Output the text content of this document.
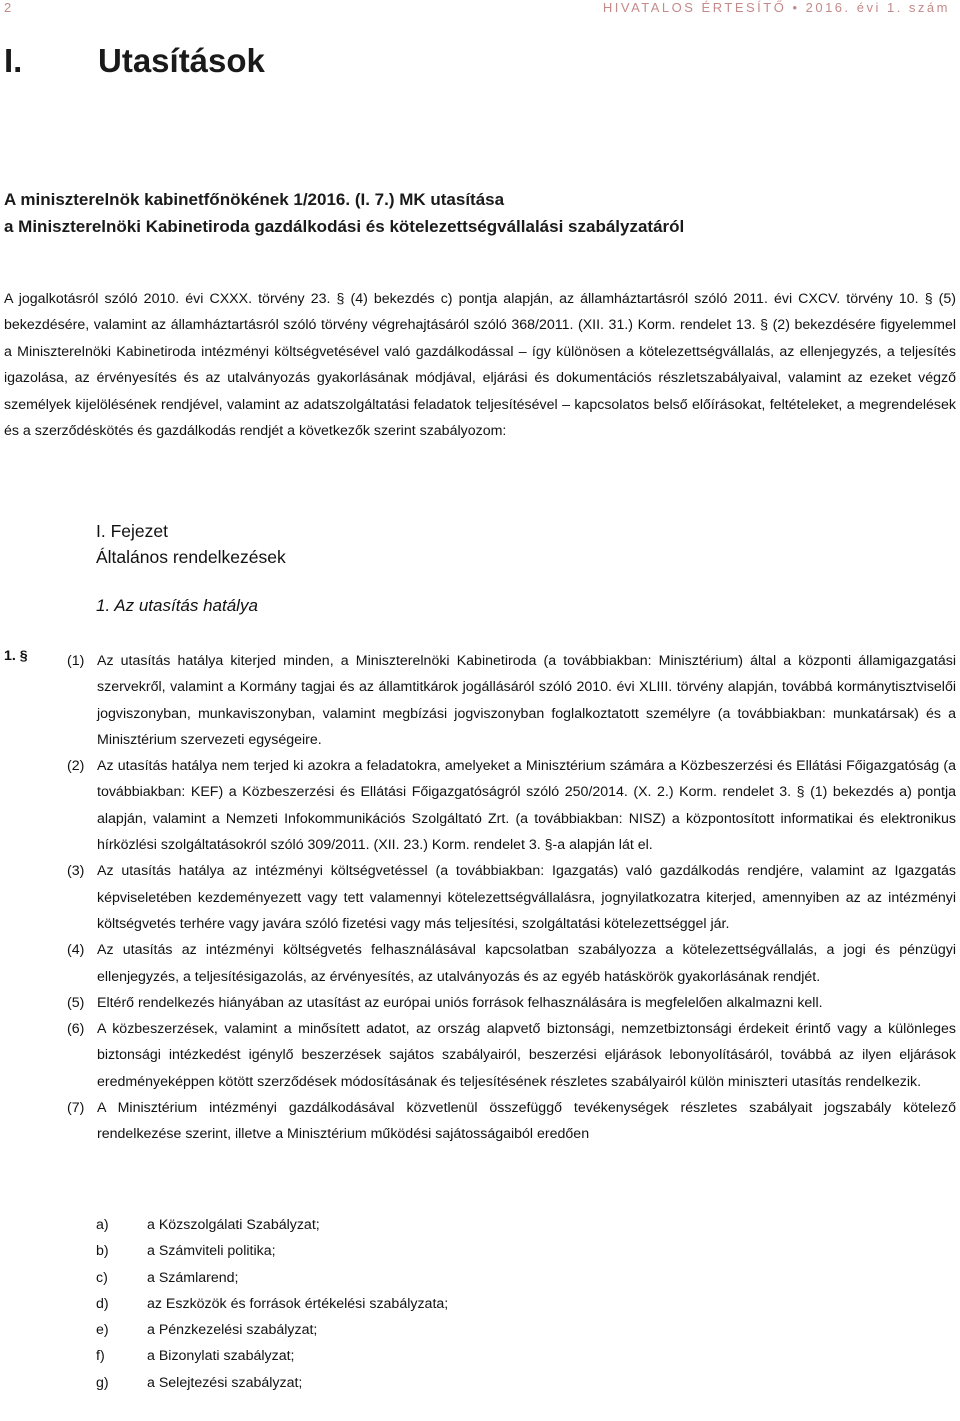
2	HIVATALOS ÉRTESÍTŐ • 2016. évi 1. szám
I. Utasítások
A miniszterelnök kabinetfőnökének 1/2016. (I. 7.) MK utasítása
a Miniszterelnöki Kabinetiroda gazdálkodási és kötelezettségvállalási szabályzatáról
A jogalkotásról szóló 2010. évi CXXX. törvény 23. § (4) bekezdés c) pontja alapján, az államháztartásról szóló 2011. évi CXCV. törvény 10. § (5) bekezdésére, valamint az államháztartásról szóló törvény végrehajtásáról szóló 368/2011. (XII. 31.) Korm. rendelet 13. § (2) bekezdésére figyelemmel a Miniszterelnöki Kabinetiroda intézményi költségvetésével való gazdálkodással – így különösen a kötelezettségvállalás, az ellenjegyzés, a teljesítés igazolása, az érvényesítés és az utalványozás gyakorlásának módjával, eljárási és dokumentációs részletszabályaival, valamint az ezeket végző személyek kijelölésének rendjével, valamint az adatszolgáltatási feladatok teljesítésével – kapcsolatos belső előírásokat, feltételeket, a megrendelések és a szerződéskötés és gazdálkodás rendjét a következők szerint szabályozom:
I. Fejezet
Általános rendelkezések
1. Az utasítás hatálya
1. §	(1) Az utasítás hatálya kiterjed minden, a Miniszterelnöki Kabinetiroda (a továbbiakban: Minisztérium) által a központi államigazgatási szervekről, valamint a Kormány tagjai és az államtitkárok jogállásáról szóló 2010. évi XLIII. törvény alapján, továbbá kormánytisztviselői jogviszonyban, munkaviszonyban, valamint megbízási jogviszonyban foglalkoztatott személyre (a továbbiakban: munkatársak) és a Minisztérium szervezeti egységeire.
(2) Az utasítás hatálya nem terjed ki azokra a feladatokra, amelyeket a Minisztérium számára a Közbeszerzési és Ellátási Főigazgatóság (a továbbiakban: KEF) a Közbeszerzési és Ellátási Főigazgatóságról szóló 250/2014. (X. 2.) Korm. rendelet 3. § (1) bekezdés a) pontja alapján, valamint a Nemzeti Infokommunikációs Szolgáltató Zrt. (a továbbiakban: NISZ) a központosított informatikai és elektronikus hírközlési szolgáltatásokról szóló 309/2011. (XII. 23.) Korm. rendelet 3. §-a alapján lát el.
(3) Az utasítás hatálya az intézményi költségvetéssel (a továbbiakban: Igazgatás) való gazdálkodás rendjére, valamint az Igazgatás képviseletében kezdeményezett vagy tett valamennyi kötelezettségvállalásra, jognyilatkozatra kiterjed, amennyiben az az intézményi költségvetés terhére vagy javára szóló fizetési vagy más teljesítési, szolgáltatási kötelezettséggel jár.
(4) Az utasítás az intézményi költségvetés felhasználásával kapcsolatban szabályozza a kötelezettségvállalás, a jogi és pénzügyi ellenjegyzés, a teljesítésigazolás, az érvényesítés, az utalványozás és az egyéb hatáskörök gyakorlásának rendjét.
(5) Eltérő rendelkezés hiányában az utasítást az európai uniós források felhasználására is megfelelően alkalmazni kell.
(6) A közbeszerzések, valamint a minősített adatot, az ország alapvető biztonsági, nemzetbiztonsági érdekeit érintő vagy a különleges biztonsági intézkedést igénylő beszerzések sajátos szabályairól, beszerzési eljárások lebonyolításáról, továbbá az ilyen eljárások eredményeképpen kötött szerződések módosításának és teljesítésének részletes szabályairól külön miniszteri utasítás rendelkezik.
(7) A Minisztérium intézményi gazdálkodásával közvetlenül összefüggő tevékenységek részletes szabályait jogszabály kötelező rendelkezése szerint, illetve a Minisztérium működési sajátosságaiból eredően
a)	a Közszolgálati Szabályzat;
b)	a Számviteli politika;
c)	a Számlarend;
d)	az Eszközök és források értékelési szabályzata;
e)	a Pénzkezelési szabályzat;
f)	a Bizonylati szabályzat;
g)	a Selejtezési szabályzat;
